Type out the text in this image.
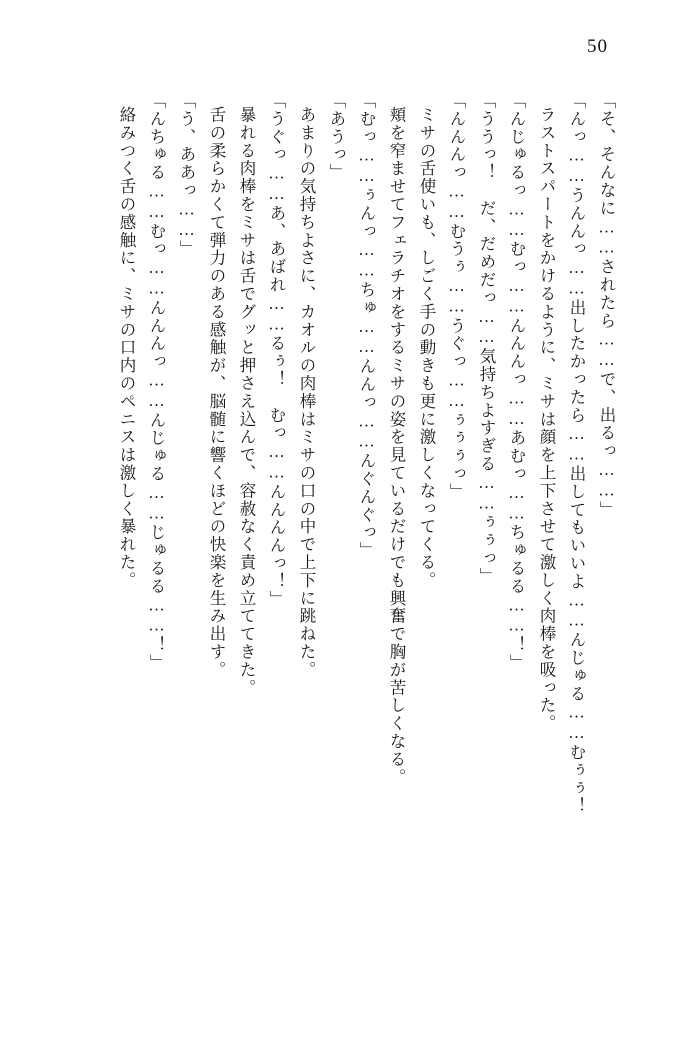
50
「そ、そんなに……されたら……で、出るっ……」
「んっ……うんんっ……出したかったら……出してもいいよ……んじゅる……むぅぅ！
ラストスパートをかけるように、ミサは顔を上下させて激しく肉棒を吸った。
「んじゅるっ……むっ……んんんっ……あむっ……ちゅるる……！」
「ううっ！　だ、だめだっ……気持ちよすぎる……ぅぅっ」
「んんんっ……むうぅ……うぐっ……ぅぅぅっ」
ミサの舌使いも、しごく手の動きも更に激しくなってくる。
頬を窄ませてフェラチオをするミサの姿を見ているだけでも興奮で胸が苦しくなる。
「むっ……ぅんっ……ちゅ……んんっ……んぐんぐっ」
「あうっ」
あまりの気持ちよさに、カオルの肉棒はミサの口の中で上下に跳ねた。
「うぐっ……あ、あばれ……るぅ！　むっ……んんんんっ！」
暴れる肉棒をミサは舌でグッと押さえ込んで、容赦なく責め立ててきた。
舌の柔らかくて弾力のある感触が、脳髄に響くほどの快楽を生み出す。
「う、ああっ……」
「んちゅる……むっ……んんんっ……んじゅる……じゅるる……！」
絡みつく舌の感触に、ミサの口内のペニスは激しく暴れた。
